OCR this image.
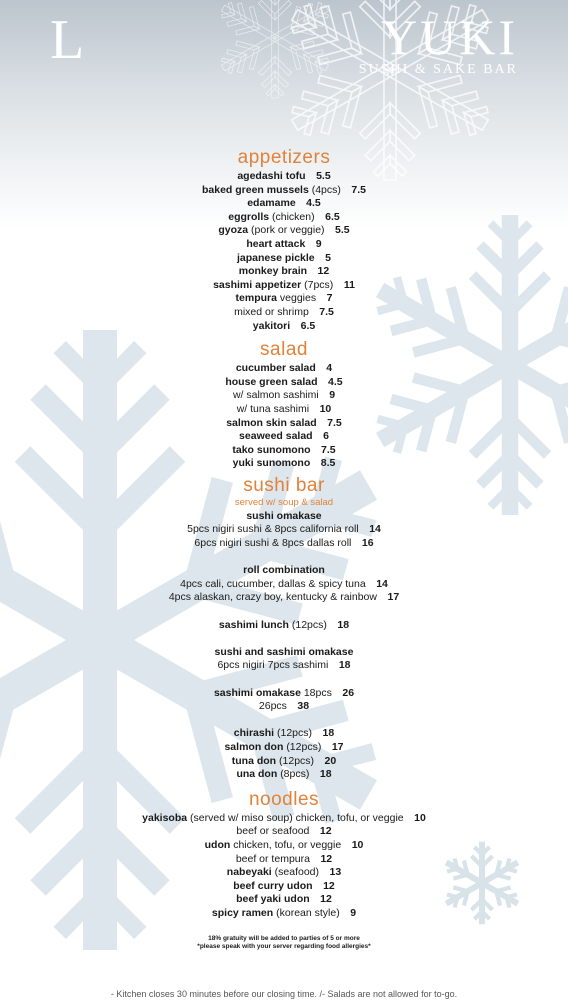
L	YUKI
SUSHI & SAKE BAR
appetizers
agedashi tofu  5.5
baked green mussels (4pcs)  7.5
edamame  4.5
eggrolls (chicken)  6.5
gyoza (pork or veggie)  5.5
heart attack  9
japanese pickle  5
monkey brain  12
sashimi appetizer (7pcs)  11
tempura veggies  7
mixed or shrimp  7.5
yakitori  6.5
salad
cucumber salad  4
house green salad  4.5
w/ salmon sashimi  9
w/ tuna sashimi  10
salmon skin salad  7.5
seaweed salad  6
tako sunomono  7.5
yuki sunomono  8.5
sushi bar
served w/ soup & salad
sushi omakase
5pcs nigiri sushi & 8pcs california roll  14
6pcs nigiri sushi & 8pcs dallas roll  16
roll combination
4pcs cali, cucumber, dallas & spicy tuna  14
4pcs alaskan, crazy boy, kentucky & rainbow  17
sashimi lunch (12pcs)  18
sushi and sashimi omakase
6pcs nigiri 7pcs sashimi  18
sashimi omakase 18pcs  26
26pcs  38
chirashi (12pcs)  18
salmon don (12pcs)  17
tuna don (12pcs)  20
una don (8pcs)  18
noodles
yakisoba (served w/ miso soup) chicken, tofu, or veggie  10
beef or seafood  12
udon chicken, tofu, or veggie  10
beef or tempura  12
nabeyaki (seafood)  13
beef curry udon  12
beef yaki udon  12
spicy ramen (korean style)  9
18% gratuity will be added to parties of 5 or more
*please speak with your server regarding food allergies*
- Kitchen closes 30 minutes before our closing time. /- Salads are not allowed for to-go.
